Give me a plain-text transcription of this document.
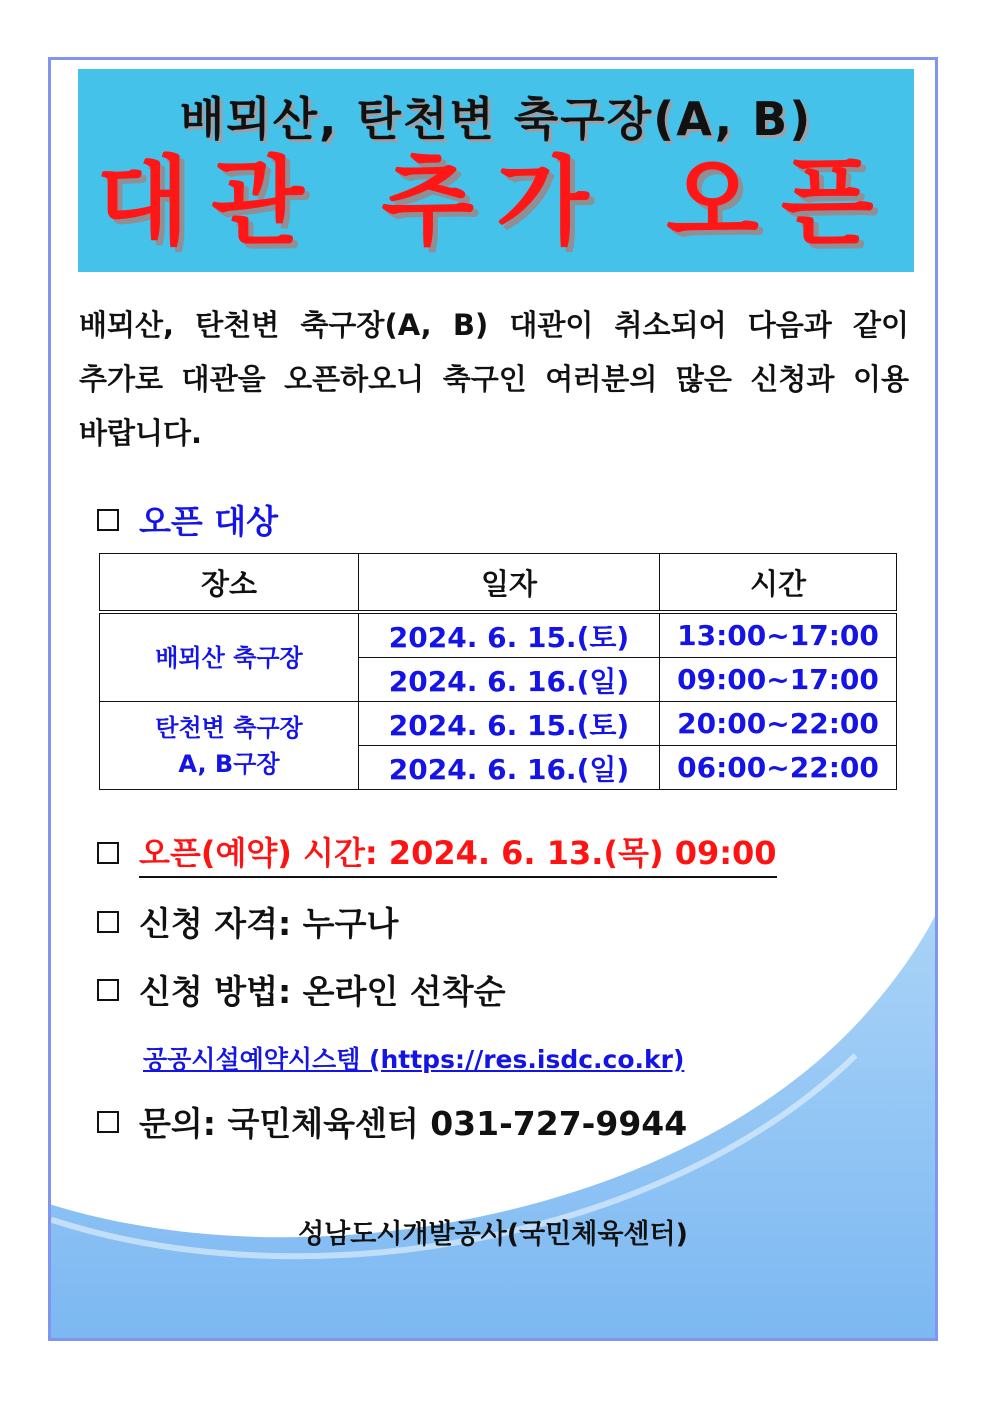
배뫼산, 탄천변 축구장(A, B)
대관 추가 오픈
배뫼산, 탄천변 축구장(A, B) 대관이 취소되어 다음과 같이 추가로 대관을 오픈하오니 축구인 여러분의 많은 신청과 이용 바랍니다.
오픈 대상
장소	일자	시간
배뫼산 축구장	2024. 6. 15.(토)	13:00~17:00
	2024. 6. 16.(일)	09:00~17:00

탄천변 축구장
A, B구장	2024. 6. 15.(토)	20:00~22:00
	2024. 6. 16.(일)	06:00~22:00
오픈(예약) 시간: 2024. 6. 13.(목) 09:00
신청 자격: 누구나
신청 방법: 온라인 선착순
공공시설예약시스템 (https://res.isdc.co.kr)
문의: 국민체육센터 031-727-9944
성남도시개발공사(국민체육센터)
